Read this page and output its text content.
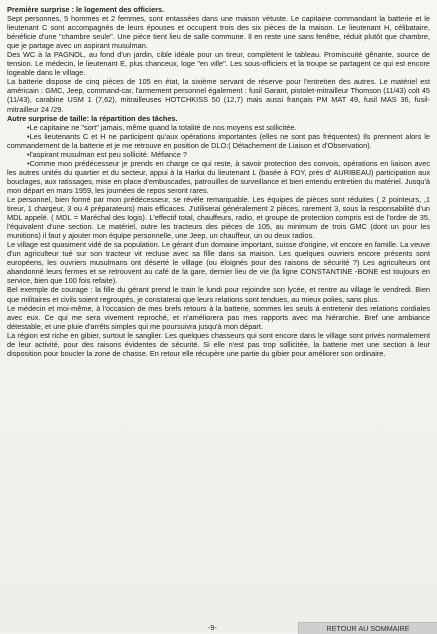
Première surprise : le logement des officiers.

Sept personnes, 5 hommes et 2 femmes, sont entassées dans une maison vétuste. Le capitaine commandant la batterie et le lieutenant C sont accompagnés de leurs épouses et occupent trois des six pièces de la maison. Le lieutenant H, célibataire, bénéficie d'une "chambre seule". Une pièce tient lieu de salle commune. Il en reste une sans fenêtre, réduit plutôt que chambre, que je partage avec un aspirant musulman.

Des WC à la PAGNOL, au fond d'un jardin, cible idéale pour un tireur, complètent le tableau. Promiscuité gênante, source de tension. Le médecin, le lieutenant E, plus chanceux, loge "en ville". Les sous-officiers et la troupe se partagent ce qui est encore logeable dans le village.

La batterie dispose de cinq pièces de 105 en état, la sixième servant de réserve pour l'entretien des autres. Le matériel est américain : GMC, Jeep, command-car, l'armement personnel également : fusil Garant, pistolet-mitrailleur Thomson (11/43) colt 45 (11/43), carabine USM 1 (7,62), mitrailleuses HOTCHKISS 50 (12,7) mais aussi français PM MAT 49, fusil MAS 36, fusil-mitrailleur 24 /29.

Autre surprise de taille: la répartition des tâches.

•Le capitaine ne "sort" jamais, même quand la totalité de nos moyens est sollicitée.

•Les lieutenants C et H ne participent qu'aux opérations importantes (elles ne sont pas fréquentes) Ils prennent alors le commandement de la batterie et je me retrouve en position de DLO:( Détachement de Liaison et d'Observation).

•l'aspirant musulman est peu sollicité. Méfiance ?

•Comme mon prédécesseur je prends en charge ce qui reste, à savoir protection des convois, opérations en liaison avec les autres unités du quartier et du secteur, appui à la Harka du lieutenant L (basée à FOY, près d' AURIBEAU) participation aux bouclages, aux ratissages, mise en place d'embuscades, patrouilles de surveillance et bien entendu entretien du matériel. Jusqu'à mon départ en mars 1959, les journées de repos seront rares.

Le personnel, bien formé par mon prédécesseur, se révèle remarquable. Les équipes de pièces sont réduites ( 2 pointeurs, ,1 tireur, 1 chargeur, 3 ou 4 préparateurs) mais efficaces. J'utiliserai généralement 2 pièces, rarement 3, sous la responsabilité d'un MDL appelé. ( MDL = Maréchal des logis). L'effectif total, chauffeurs, radio, et groupe de protection compris est de l'ordre de 35, l'équivalent d'une section. Le matériel, outre les tracteurs des pièces de 105, au minimum de trois GMC (dont un pour les munitions) il faut y ajouter mon équipe personnelle, une Jeep, un chauffeur, un ou deux radios.

Le village est quasiment vidé de sa population. Le gérant d'un domaine important, suisse d'origine, vit encore en famille. La veuve d'un agriculteur tué sur son tracteur vit recluse avec sa fille dans sa maison. Les quelques ouvriers encore présents sont européens, les ouvriers musulmans ont déserté le village (ou éloignés pour des raisons de sécurité ?) Les agriculteurs ont abandonné leurs fermes et se retrouvent au café de la gare, dernier lieu de vie (la ligne CONSTANTINE -BONE est toujours en service, bien que 100 fois refaite).

Bel exemple de courage : la fille du gérant prend le train le lundi pour rejoindre son lycée, et rentre au village le vendredi. Bien que militaires et civils soient regroupés, je constaterai que leurs relations sont tendues, au mieux polies, sans plus.

Le médecin et moi-même, à l'occasion de mes brefs retours à la batterie, sommes les seuls à entretenir des relations cordiales avec eux. Ce qui me sera vivement reproché, et n'améliorera pas mes rapports avec ma hiérarchie. Bref une ambiance détestable, et une pluie d'arrêts simples qui me poursuivra jusqu'à mon départ.

La région est riche en gibier, surtout le sanglier. Les quelques chasseurs qui sont encore dans le village sont privés normalement de leur activité, pour des raisons évidentes de sécurité. Si elle n'est pas trop sollicitée, la batterie met une section à leur disposition pour boucler la zone de chasse. En retour elle récupère une partie du gibier pour améliorer son ordinaire.

-9-	RETOUR AU SOMMAIRE
